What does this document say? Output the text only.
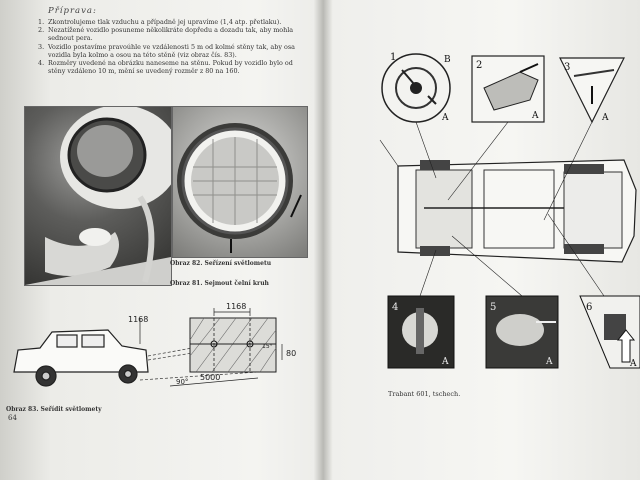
Příprava:
1. Zkontrolujeme tlak vzduchu a případně jej upravíme (1,4 atp. přetlaku).
2. Nezatížené vozidlo posuneme několikráte dopředu a dozadu tak, aby mohla sednout pera.
3. Vozidlo postavíme pravoúhle ve vzdálenosti 5 m od kolmé stěny tak, aby osa vozidla byla kolmo a osou na této stěně (viz obraz čís. 83).
4. Rozměry uvedené na obrázku naneseme na stěnu. Pokud by vozidlo bylo od stěny vzdáleno 10 m, mění se uvedený rozměr z 80 na 160.
Obraz 82. Seřízení světlometu
Obraz 81. Sejmout čelní kruh
1168
1168
80
5000
90°
15°
Obraz 83. Seřídit světlomety
64
1	B
A
2
A
3
A
4
A
5
A
6
A
Trabant 601, tschech.
